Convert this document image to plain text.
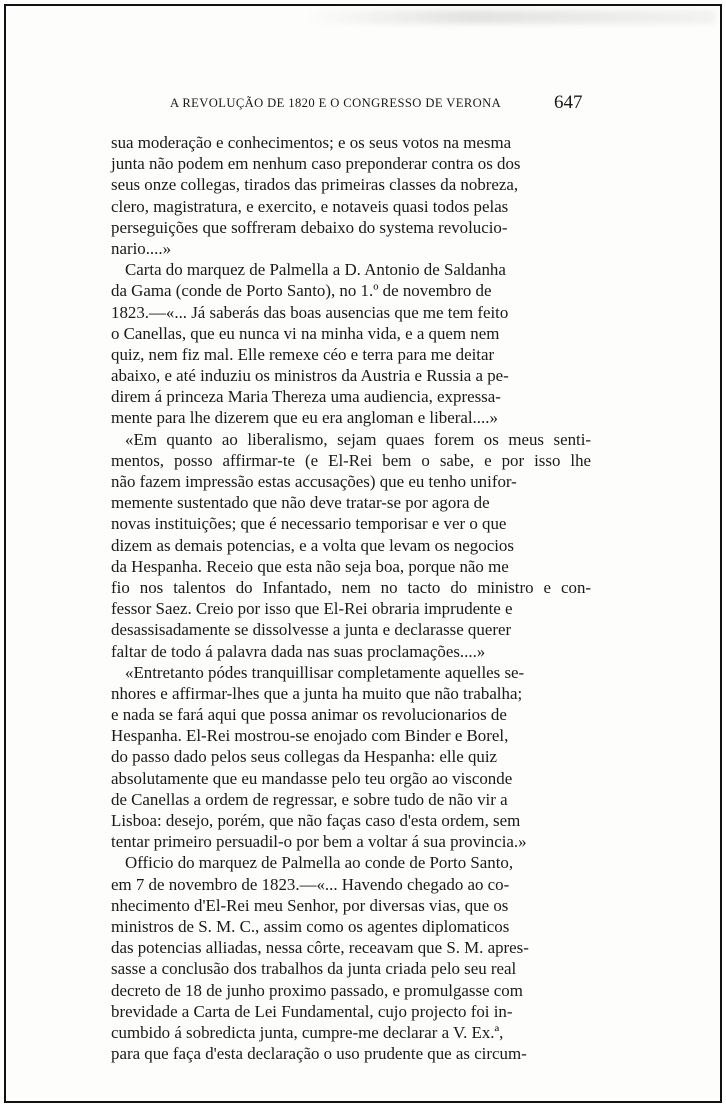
A REVOLUÇÃO DE 1820 E O CONGRESSO DE VERONA	647
sua moderação e conhecimentos; e os seus votos na mesma
junta não podem em nenhum caso preponderar contra os dos
seus onze collegas, tirados das primeiras classes da nobreza,
clero, magistratura, e exercito, e notaveis quasi todos pelas
perseguições que soffreram debaixo do systema revolucio-
nario....»
Carta do marquez de Palmella a D. Antonio de Saldanha
da Gama (conde de Porto Santo), no 1.º de novembro de
1823.—«... Já saberás das boas ausencias que me tem feito
o Canellas, que eu nunca vi na minha vida, e a quem nem
quiz, nem fiz mal. Elle remexe céo e terra para me deitar
abaixo, e até induziu os ministros da Austria e Russia a pe-
direm á princeza Maria Thereza uma audiencia, expressa-
mente para lhe dizerem que eu era angloman e liberal....»
«Em quanto ao liberalismo, sejam quaes forem os meus senti-
mentos, posso affirmar-te (e El-Rei bem o sabe, e por isso lhe
não fazem impressão estas accusações) que eu tenho unifor-
memente sustentado que não deve tratar-se por agora de
novas instituições; que é necessario temporisar e ver o que
dizem as demais potencias, e a volta que levam os negocios
da Hespanha. Receio que esta não seja boa, porque não me
fio nos talentos do Infantado, nem no tacto do ministro e con-
fessor Saez. Creio por isso que El-Rei obraria imprudente e
desassisadamente se dissolvesse a junta e declarasse querer
faltar de todo á palavra dada nas suas proclamações....»
«Entretanto pódes tranquillisar completamente aquelles se-
nhores e affirmar-lhes que a junta ha muito que não trabalha;
e nada se fará aqui que possa animar os revolucionarios de
Hespanha. El-Rei mostrou-se enojado com Binder e Borel,
do passo dado pelos seus collegas da Hespanha: elle quiz
absolutamente que eu mandasse pelo teu orgão ao visconde
de Canellas a ordem de regressar, e sobre tudo de não vir a
Lisboa: desejo, porém, que não faças caso d'esta ordem, sem
tentar primeiro persuadil-o por bem a voltar á sua provincia.»
Officio do marquez de Palmella ao conde de Porto Santo,
em 7 de novembro de 1823.—«... Havendo chegado ao co-
nhecimento d'El-Rei meu Senhor, por diversas vias, que os
ministros de S. M. C., assim como os agentes diplomaticos
das potencias alliadas, nessa côrte, receavam que S. M. apres-
sasse a conclusão dos trabalhos da junta criada pelo seu real
decreto de 18 de junho proximo passado, e promulgasse com
brevidade a Carta de Lei Fundamental, cujo projecto foi in-
cumbido á sobredicta junta, cumpre-me declarar a V. Ex.ª,
para que faça d'esta declaração o uso prudente que as circum-
